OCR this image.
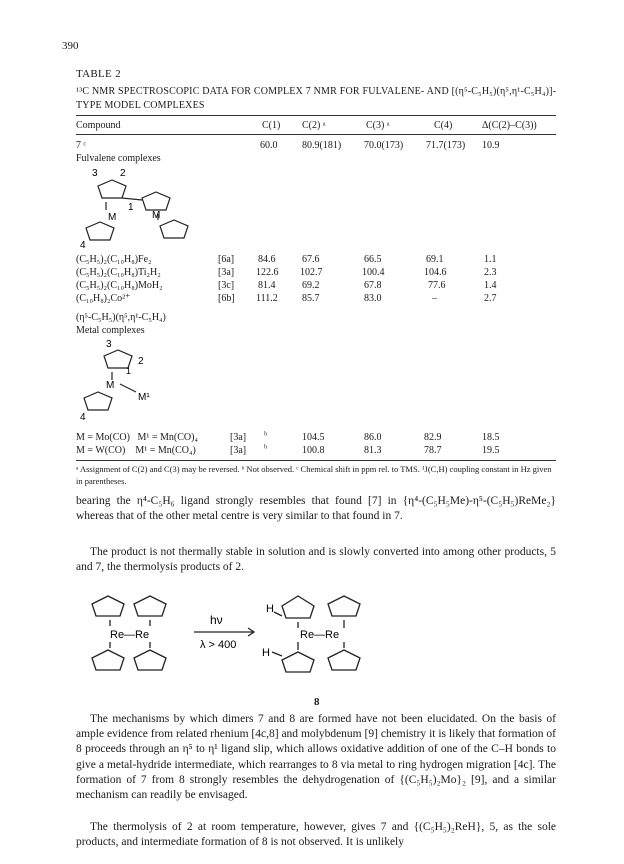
390
TABLE 2
¹³C NMR SPECTROSCOPIC DATA FOR COMPLEX 7 NMR FOR FULVALENE- AND [(η⁵-C₅H₅)(η⁵,η¹-C₅H₄)]-TYPE MODEL COMPLEXES
Compound	C(1) C(2) ᵃ	C(3) ᵃ	C(4)	Δ(C(2)–C(3))
7 ᶜ	60.0 80.9(181) 70.0(173) 71.7(173) 10.9
Fulvalene complexes
3 2
1
M	M
4
(C₅H₅)₂(C₁₀H₈)Fe₂	[6a] 84.6	67.6	66.5	69.1	1.1
(C₅H₅)₂(C₁₀H₈)Ti₂H₂	[3a] 122.6 102.7	100.4	104.6	2.3
(C₅H₅)₂(C₁₀H₈)MoH₂	[3c] 81.4	69.2	67.8	77.6	1.4
(C₁₀H₈)₂Co²⁺	[6b] 111.2 85.7	83.0	–	2.7
(η⁵-C₅H₅)(η⁵,η¹-C₅H₄)
Metal complexes
3
2
1
M
M¹
4
M = Mo(CO)   M¹ = Mn(CO)₄	[3a] ᵇ	104.5	86.0	82.9	18.5
M = W(CO)    M¹ = Mn(CO₄)	[3a] ᵇ	100.8	81.3	78.7	19.5
ᵃ Assignment of C(2) and C(3) may be reversed. ᵇ Not observed. ᶜ Chemical shift in ppm rel. to TMS. ¹J(C,H) coupling constant in Hz given in parentheses.
bearing the η⁴-C₅H₆ ligand strongly resembles that found [7] in {η⁴-(C₅H₅Me)-η⁵-(C₅H₅)ReMe₂} whereas that of the other metal centre is very similar to that found in 7.
The product is not thermally stable in solution and is slowly converted into among other products, 5 and 7, the thermolysis products of 2.
Re—Re
hν
λ > 400
Re—Re
H
H
8
The mechanisms by which dimers 7 and 8 are formed have not been elucidated. On the basis of ample evidence from related rhenium [4c,8] and molybdenum [9] chemistry it is likely that formation of 8 proceeds through an η⁵ to η¹ ligand slip, which allows oxidative addition of one of the C–H bonds to give a metal-hydride intermediate, which rearranges to 8 via metal to ring hydrogen migration [4c]. The formation of 7 from 8 strongly resembles the dehydrogenation of {(C₅H₅)₂Mo}₂ [9], and a similar mechanism can readily be envisaged.
The thermolysis of 2 at room temperature, however, gives 7 and {(C₅H₅)₂ReH}, 5, as the sole products, and intermediate formation of 8 is not observed. It is unlikely
